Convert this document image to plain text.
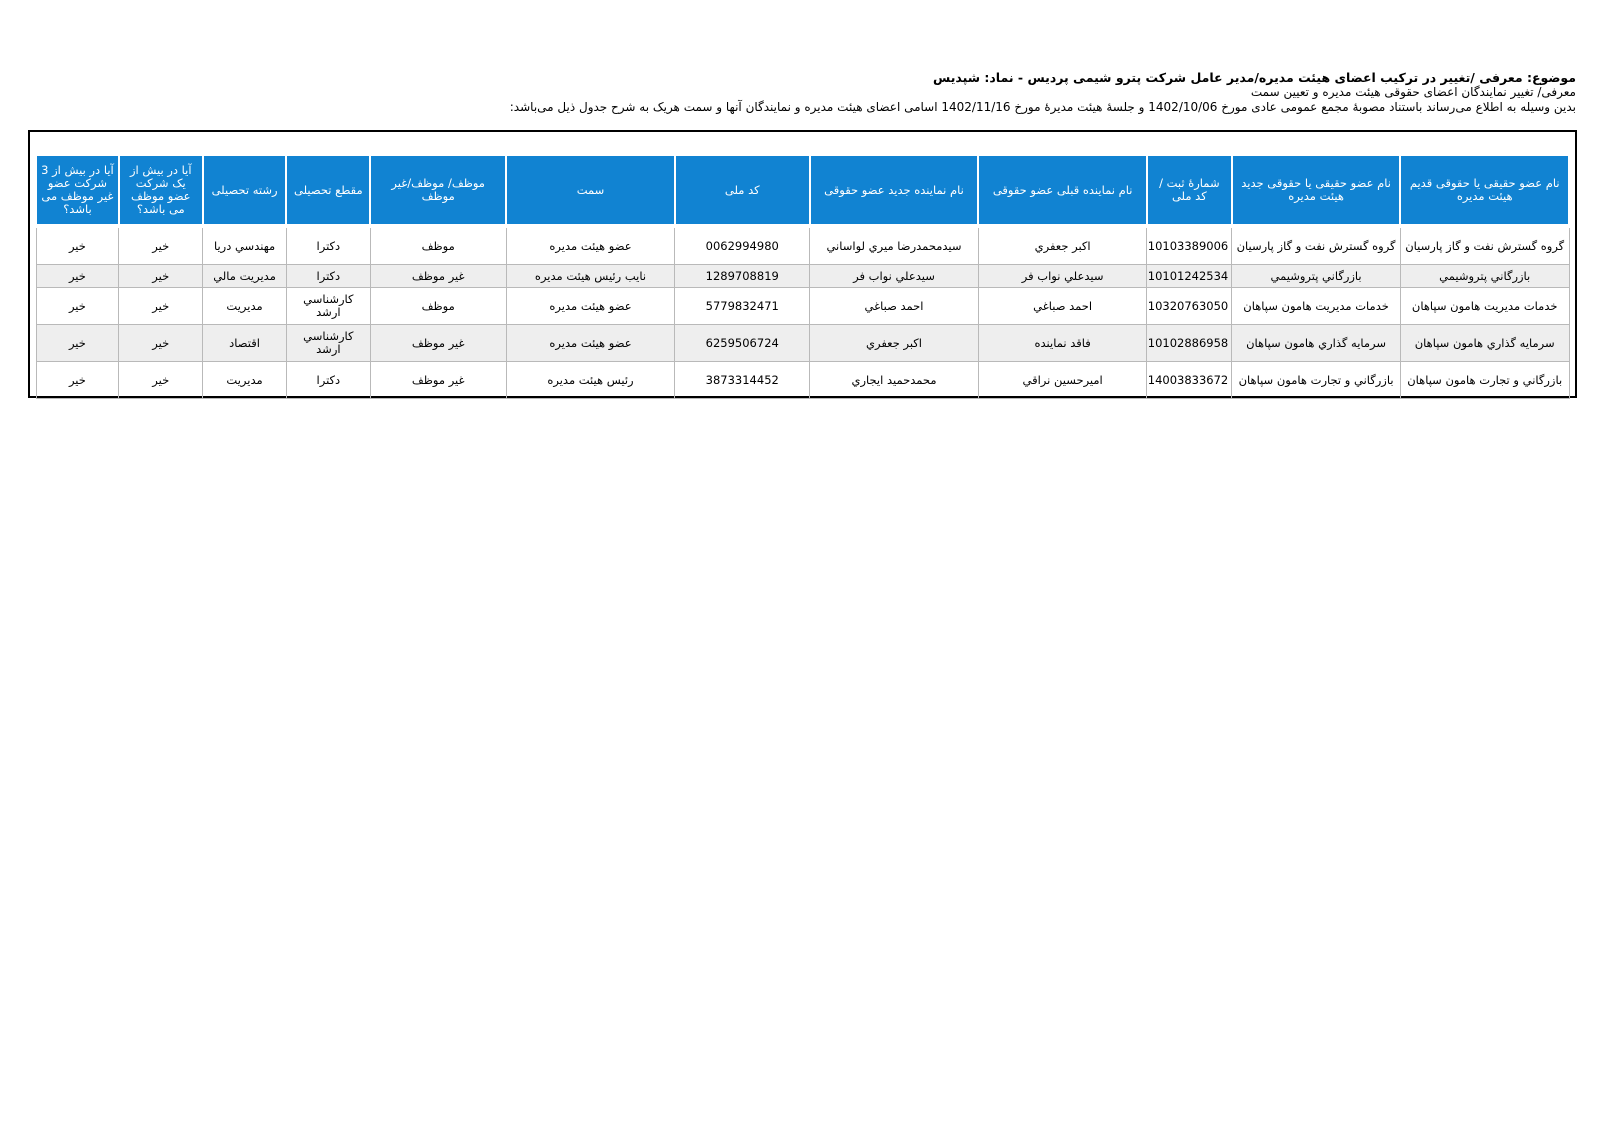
موضوع: معرفی /تغییر در ترکیب اعضای هیئت مدیره/مدیر عامل شرکت پترو شیمی پردیس - نماد: شپدیس
معرفی/ تغییر نمایندگان اعضای حقوقی هیئت مدیره و تعیین سمت
بدین وسیله به اطلاع می‌رساند باستناد مصوبهٔ مجمع عمومی عادی مورخ 1402/10/06 و جلسهٔ هیئت مدیرهٔ مورخ 1402/11/16 اسامی اعضای هیئت مدیره و نمایندگان آنها و سمت هریک به شرح جدول ذیل می‌باشد:
نام عضو حقیقی یا حقوقی قدیم هیئت مدیره	نام عضو حقیقی یا حقوقی جدید هیئت مدیره	شمارهٔ ثبت / کد ملی	نام نماینده قبلی عضو حقوقی	نام نماینده جدید عضو حقوقی	کد ملی	سمت	موظف/ موظف/غیر موظف	مقطع تحصیلی	رشته تحصیلی	آیا در بیش از یک شرکت عضو موظف می باشد؟	آیا در بیش از 3 شرکت عضو غیر موظف می باشد؟
گروه گسترش نفت و گاز پارسیان	گروه گسترش نفت و گاز پارسیان	10103389006	اکبر جعفري	سيدمحمدرضا ميري لواساني	0062994980	عضو هيئت مديره	موظف	دکترا	مهندسي دريا	خير	خير
بازرگاني پتروشيمي	بازرگاني پتروشيمي	10101242534	سيدعلي نواب فر	سيدعلي نواب فر	1289708819	نايب رئيس هيئت مديره	غير موظف	دکترا	مديريت مالي	خير	خير
خدمات مديريت هامون سپاهان	خدمات مديريت هامون سپاهان	10320763050	احمد صباغي	احمد صباغي	5779832471	عضو هيئت مديره	موظف	کارشناسي ارشد	مديريت	خير	خير
سرمايه گذاري هامون سپاهان	سرمايه گذاري هامون سپاهان	10102886958	فاقد نماينده	اکبر جعفري	6259506724	عضو هيئت مديره	غير موظف	کارشناسي ارشد	اقتصاد	خير	خير
بازرگاني و تجارت هامون سپاهان	بازرگاني و تجارت هامون سپاهان	14003833672	اميرحسين نراقي	محمدحميد ايجاري	3873314452	رئيس هيئت مديره	غير موظف	دکترا	مديريت	خير	خير
